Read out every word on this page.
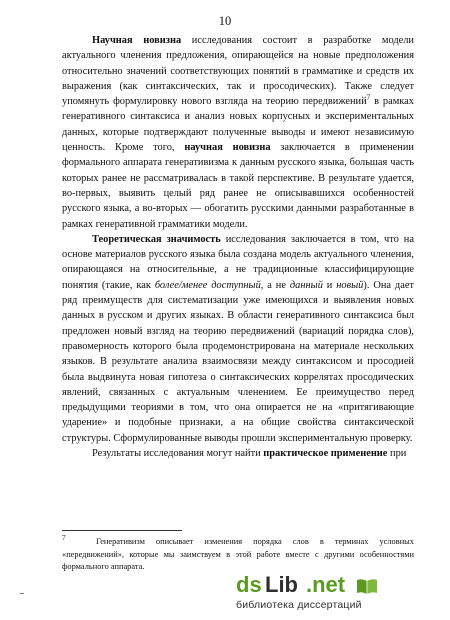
10

Научная новизна исследования состоит в разработке модели актуального членения предложения, опирающейся на новые предположения относительно значений соответствующих понятий в грамматике и средств их выражения (как синтаксических, так и просодических). Также следует упомянуть формулировку нового взгляда на теорию передвижений$^7$ в рамках генеративного синтаксиса и анализ новых корпусных и экспериментальных данных, которые подтверждают полученные выводы и имеют независимую ценность. Кроме того, научная новизна заключается в применении формального аппарата генеративизма к данным русского языка, большая часть которых ранее не рассматривалась в такой перспективе. В результате удается, во-первых, выявить целый ряд ранее не описывавшихся особенностей русского языка, а во-вторых — обогатить русскими данными разработанные в рамках генеративной грамматики модели.

Теоретическая значимость исследования заключается в том, что на основе материалов русского языка была создана модель актуального членения, опирающаяся на относительные, а не традиционные классифицирующие понятия (такие, как более/менее доступный, а не данный и новый). Она дает ряд преимуществ для систематизации уже имеющихся и выявления новых данных в русском и других языках. В области генеративного синтаксиса был предложен новый взгляд на теорию передвижений (вариаций порядка слов), правомерность которого была продемонстрирована на материале нескольких языков. В результате анализа взаимосвязи между синтаксисом и просодией была выдвинута новая гипотеза о синтаксических коррелятах просодических явлений, связанных с актуальным членением. Ее преимущество перед предыдущими теориями в том, что она опирается не на «притягивающие ударение» и подобные признаки, а на общие свойства синтаксической структуры. Сформулированные выводы прошли экспериментальную проверку.

Результаты исследования могут найти практическое применение при

$^7$	Генеративизм описывает изменения порядка слов в терминах условных «передвижений», которые мы заимствуем в этой работе вместе с другими особенностями формального аппарата.

ds Lib .net
библиотека диссертаций
